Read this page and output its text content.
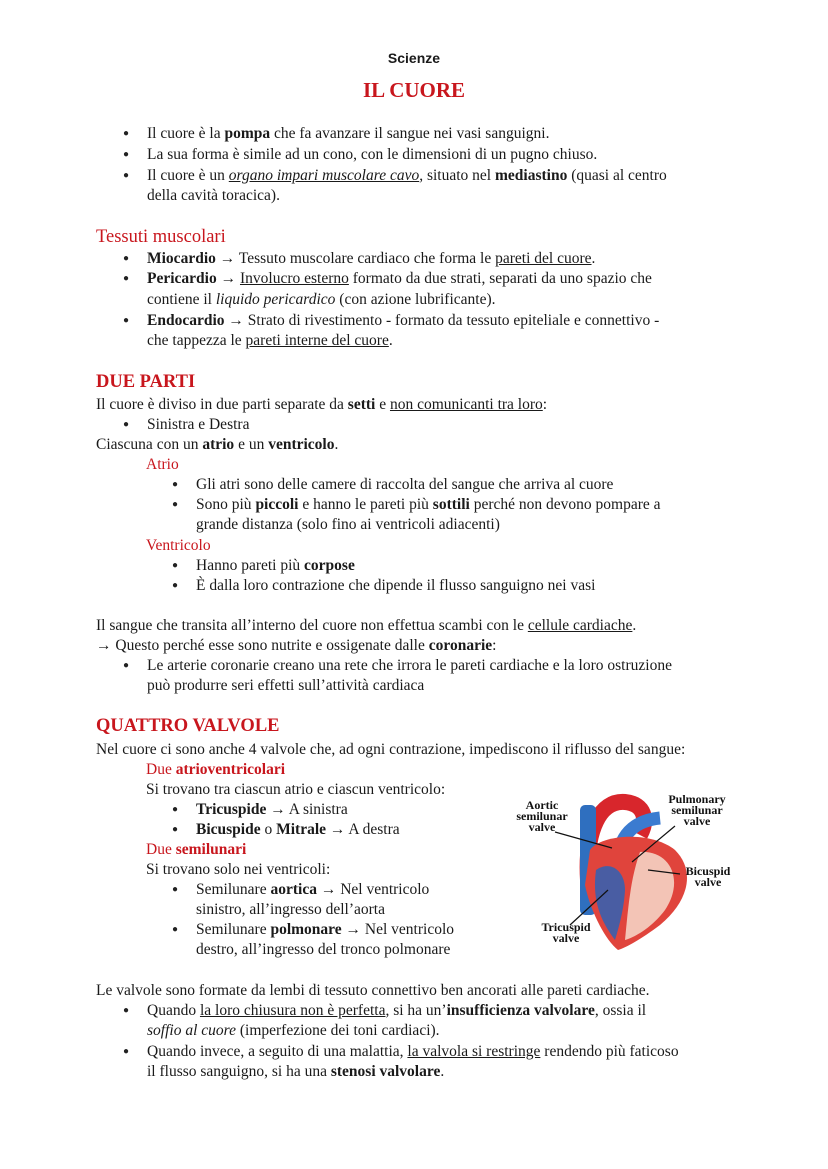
Scienze
IL CUORE
● Il cuore è la pompa che fa avanzare il sangue nei vasi sanguigni.
● La sua forma è simile ad un cono, con le dimensioni di un pugno chiuso.
● Il cuore è un organo impari muscolare cavo, situato nel mediastino (quasi al centro
della cavità toracica).
Tessuti muscolari
● Miocardio → Tessuto muscolare cardiaco che forma le pareti del cuore.
● Pericardio → Involucro esterno formato da due strati, separati da uno spazio che
contiene il liquido pericardico (con azione lubrificante).
● Endocardio → Strato di rivestimento - formato da tessuto epiteliale e connettivo -
che tappezza le pareti interne del cuore.
DUE PARTI
Il cuore è diviso in due parti separate da setti e non comunicanti tra loro:
● Sinistra e Destra
Ciascuna con un atrio e un ventricolo.
Atrio
● Gli atri sono delle camere di raccolta del sangue che arriva al cuore
● Sono più piccoli e hanno le pareti più sottili perché non devono pompare a
grande distanza (solo fino ai ventricoli adiacenti)
Ventricolo
● Hanno pareti più corpose
● È dalla loro contrazione che dipende il flusso sanguigno nei vasi
Il sangue che transita all’interno del cuore non effettua scambi con le cellule cardiache.
→ Questo perché esse sono nutrite e ossigenate dalle coronarie:
● Le arterie coronarie creano una rete che irrora le pareti cardiache e la loro ostruzione
può produrre seri effetti sull’attività cardiaca
QUATTRO VALVOLE
Nel cuore ci sono anche 4 valvole che, ad ogni contrazione, impediscono il riflusso del sangue:
Due atrioventricolari
Si trovano tra ciascun atrio e ciascun ventricolo:
● Tricuspide → A sinistra
● Bicuspide o Mitrale → A destra
Due semilunari
Si trovano solo nei ventricoli:
● Semilunare aortica → Nel ventricolo
sinistro, all’ingresso dell’aorta
● Semilunare polmonare → Nel ventricolo
destro, all’ingresso del tronco polmonare
Aortic
semilunar
valve
Pulmonary
semilunar
valve
Bicuspid
valve
Tricuspid
valve
Le valvole sono formate da lembi di tessuto connettivo ben ancorati alle pareti cardiache.
● Quando la loro chiusura non è perfetta, si ha un’insufficienza valvolare, ossia il
soffio al cuore (imperfezione dei toni cardiaci).
● Quando invece, a seguito di una malattia, la valvola si restringe rendendo più faticoso
il flusso sanguigno, si ha una stenosi valvolare.
